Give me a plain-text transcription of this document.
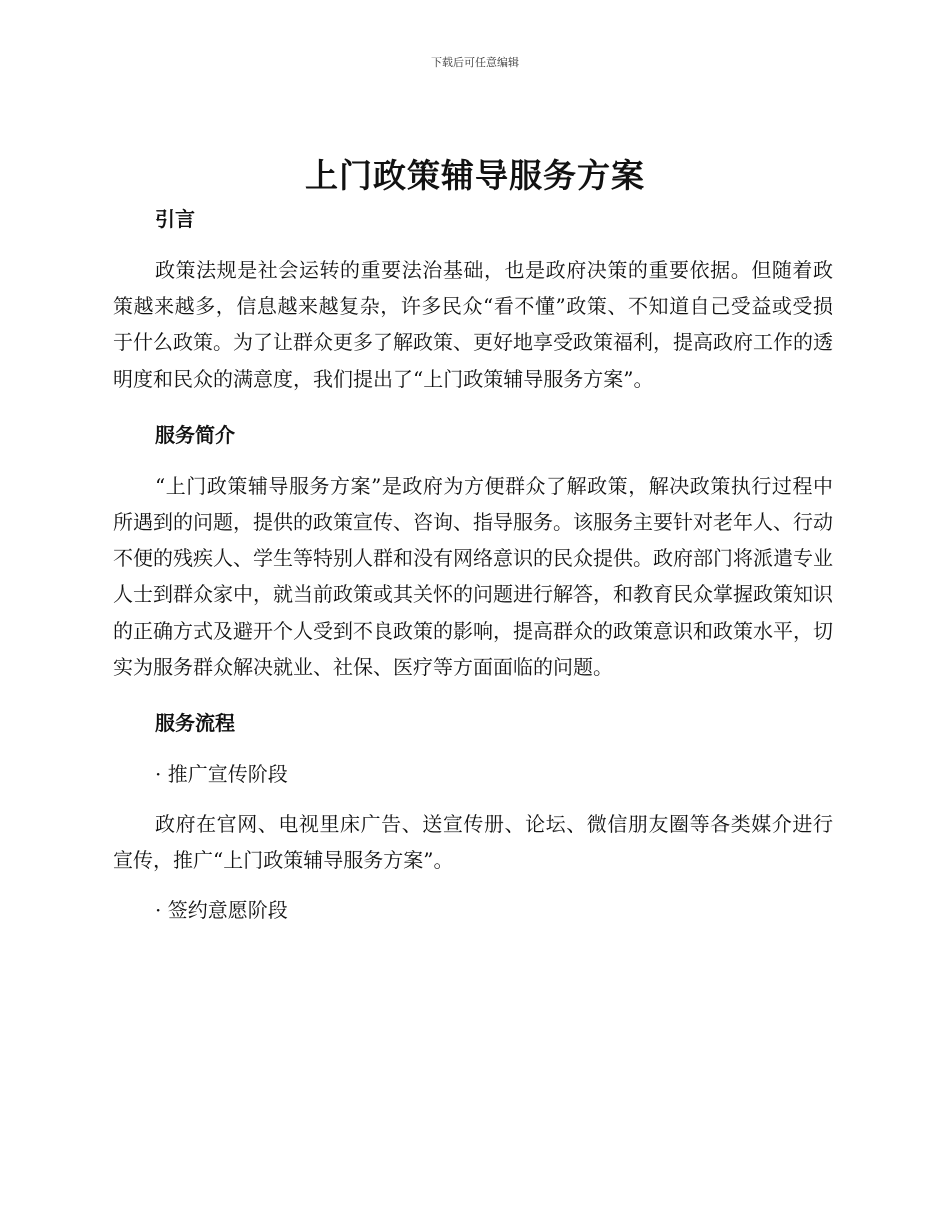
下载后可任意编辑
上门政策辅导服务方案

引言

政策法规是社会运转的重要法治基础，也是政府决策的重要依据。但随着政策越来越多，信息越来越复杂，许多民众“看不懂”政策、不知道自己受益或受损于什么政策。为了让群众更多了解政策、更好地享受政策福利，提高政府工作的透明度和民众的满意度，我们提出了“上门政策辅导服务方案”。

服务简介

“上门政策辅导服务方案”是政府为方便群众了解政策，解决政策执行过程中所遇到的问题，提供的政策宣传、咨询、指导服务。该服务主要针对老年人、行动不便的残疾人、学生等特别人群和没有网络意识的民众提供。政府部门将派遣专业人士到群众家中，就当前政策或其关怀的问题进行解答，和教育民众掌握政策知识的正确方式及避开个人受到不良政策的影响，提高群众的政策意识和政策水平，切实为服务群众解决就业、社保、医疗等方面面临的问题。

服务流程

· 推广宣传阶段

政府在官网、电视里床广告、送宣传册、论坛、微信朋友圈等各类媒介进行宣传，推广“上门政策辅导服务方案”。

· 签约意愿阶段
